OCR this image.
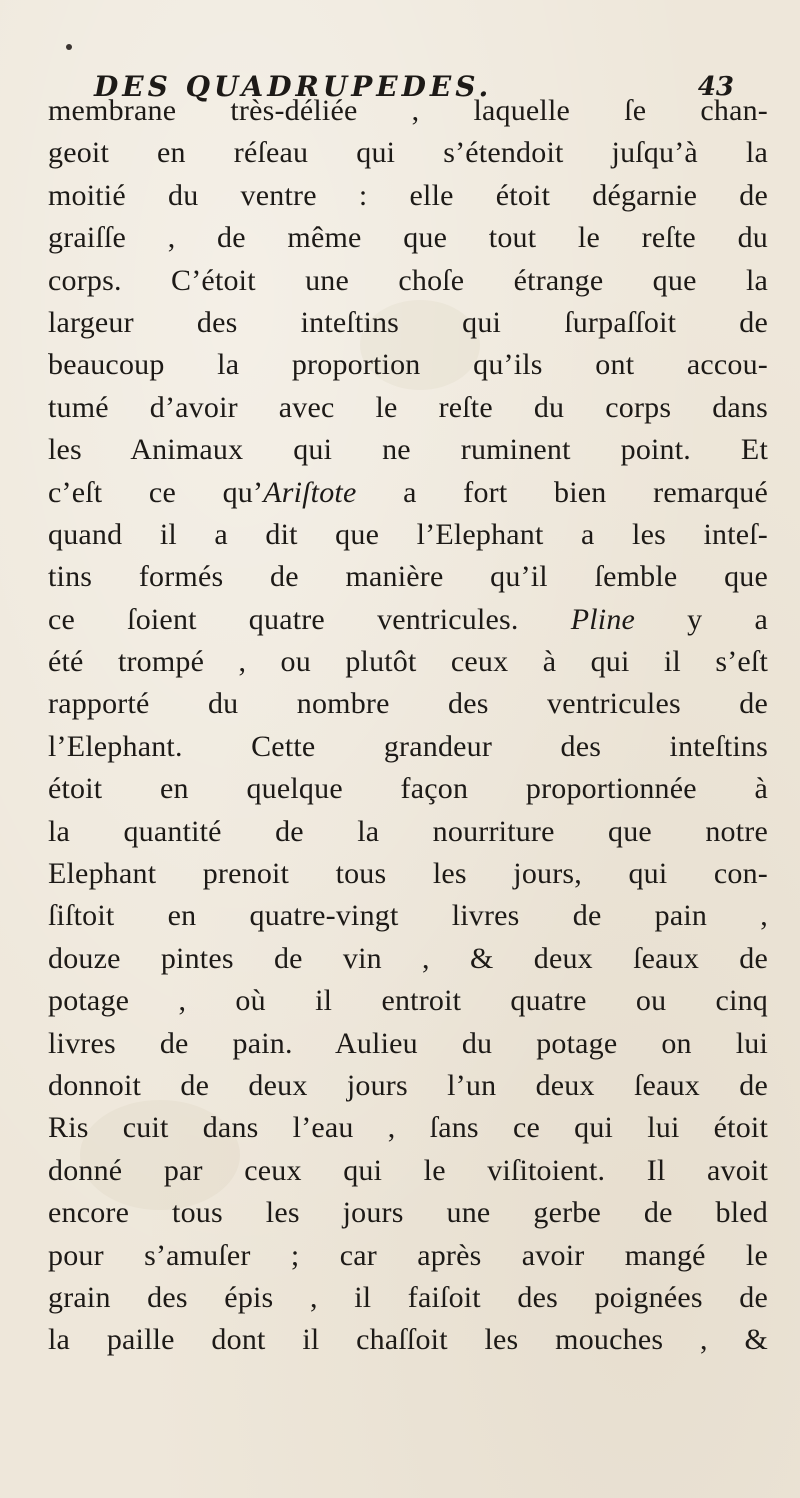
DES QUADRUPEDES.	43
membrane très-déliée , laquelle ſe chan-
geoit en réſeau qui s’étendoit juſqu’à la
moitié du ventre : elle étoit dégarnie de
graiſſe , de même que tout le reſte du
corps. C’étoit une choſe étrange que la
largeur des inteſtins qui ſurpaſſoit de
beaucoup la proportion qu’ils ont accou-
tumé d’avoir avec le reſte du corps dans
les Animaux qui ne ruminent point. Et
c’eſt ce qu’Ariſtote a fort bien remarqué
quand il a dit que l’Elephant a les inteſ-
tins formés de manière qu’il ſemble que
ce ſoient quatre ventricules. Pline y a
été trompé , ou plutôt ceux à qui il s’eſt
rapporté du nombre des ventricules de
l’Elephant. Cette grandeur des inteſtins
étoit en quelque façon proportionnée à
la quantité de la nourriture que notre
Elephant prenoit tous les jours, qui con-
ſiſtoit en quatre-vingt livres de pain ,
douze pintes de vin , & deux ſeaux de
potage , où il entroit quatre ou cinq
livres de pain. Aulieu du potage on lui
donnoit de deux jours l’un deux ſeaux de
Ris cuit dans l’eau , ſans ce qui lui étoit
donné par ceux qui le viſitoient. Il avoit
encore tous les jours une gerbe de bled
pour s’amuſer ; car après avoir mangé le
grain des épis , il faiſoit des poignées de
la paille dont il chaſſoit les mouches , &
